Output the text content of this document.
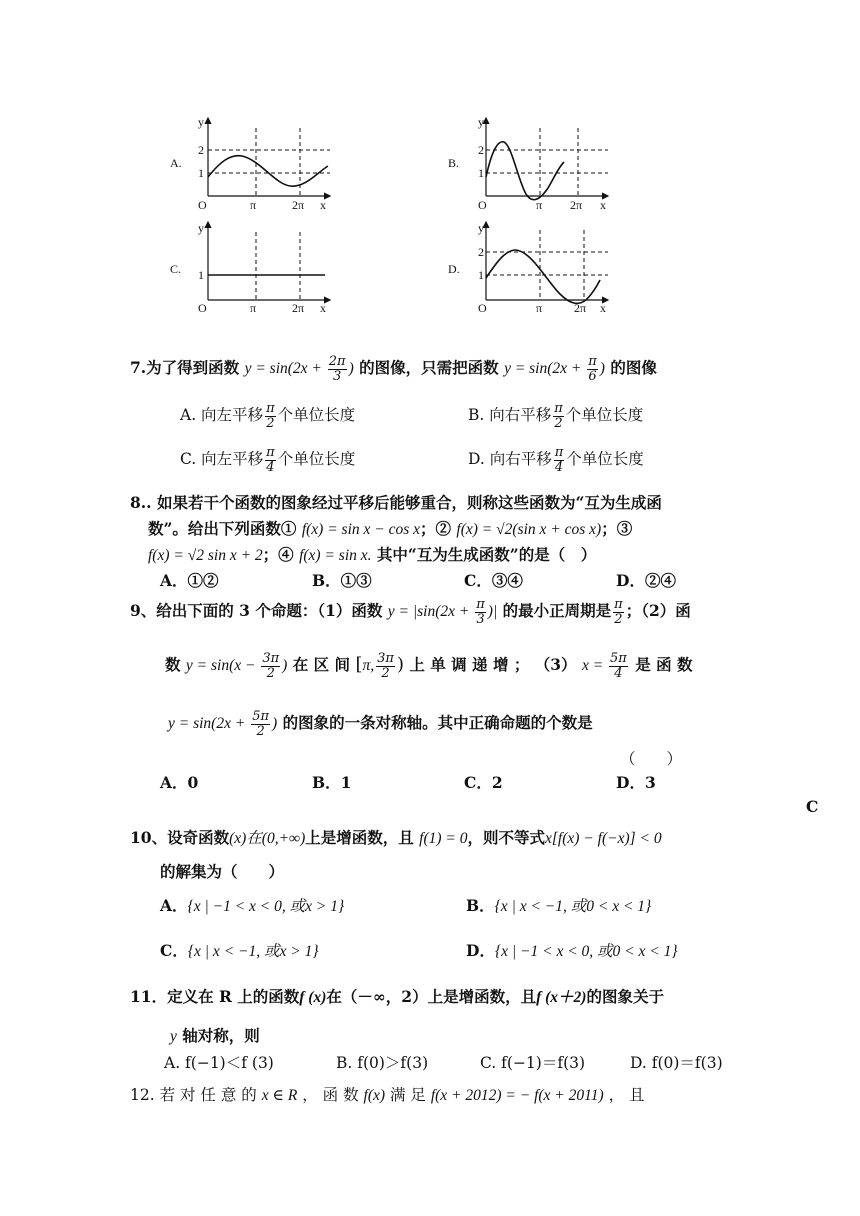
A.
y
x
O
2
1
π	2π
B.
y
x
O
2
1
π 2π
C.
y
x
O
1
π	2π
D.
y
x
O
2
1
π	2π
7.为了得到函数 $y = \sin(2x + \frac{2\pi}{3}$ ) 的图像，只需把函数 $y = \sin(2x + \frac{\pi}{6}$ ) 的图像
A. 向左平移 $\frac{\pi}{2}$ 个单位长度	B. 向右平移 $\frac{\pi}{2}$ 个单位长度
C. 向左平移 $\frac{\pi}{4}$ 个单位长度	D. 向右平移 $\frac{\pi}{4}$ 个单位长度
8.. 如果若干个函数的图象经过平移后能够重合，则称这些函数为“互为生成函
数”。给出下列函数① f(x) = sin x − cos x；② f(x) = √2(sin x + cos x)；③
f(x) = √2 sin x + 2；④ f(x) = sin x. 其中“互为生成函数”的是（　）
A．①②	B．①③	C．③④	D．②④
9、给出下面的 3 个命题：（1）函数 $y = |\sin(2x + \frac{\pi}{3}$ )| 的最小正周期是 $\frac{\pi}{2}$ ；（2）函
数 $y = \sin(x - \frac{3\pi}{2}$ ) 在 区 间 [π, $\frac{3\pi}{2}$ ) 上 单 调 递 增 ； （3） $x = \frac{5\pi}{4}$ 是 函 数
$y = \sin(2x + \frac{5\pi}{2}$ ) 的图象的一条对称轴。其中正确命题的个数是
（　　）
A．0	B．1	C．2	D．3
C
10、设奇函数(x)在(0,+∞)上是增函数，且 f(1) = 0，则不等式x[f(x) − f(−x)] < 0
的解集为（　　）
A．{x | −1 < x < 0, 或x > 1}	B．{x | x < −1, 或0 < x < 1}
C．{x | x < −1, 或x > 1}	D．{x | −1 < x < 0, 或0 < x < 1}
11．定义在 R 上的函数f (x)在（－∞，2）上是增函数，且f (x＋2)的图象关于
y 轴对称，则
A. f(−1)＜f (3)	B. f(0)＞f(3)	C. f(−1)＝f(3)	D. f(0)＝f(3)
12. 若 对 任 意 的 x ∈ R ， 函 数 f(x) 满 足 f(x + 2012) = − f(x + 2011) ， 且
